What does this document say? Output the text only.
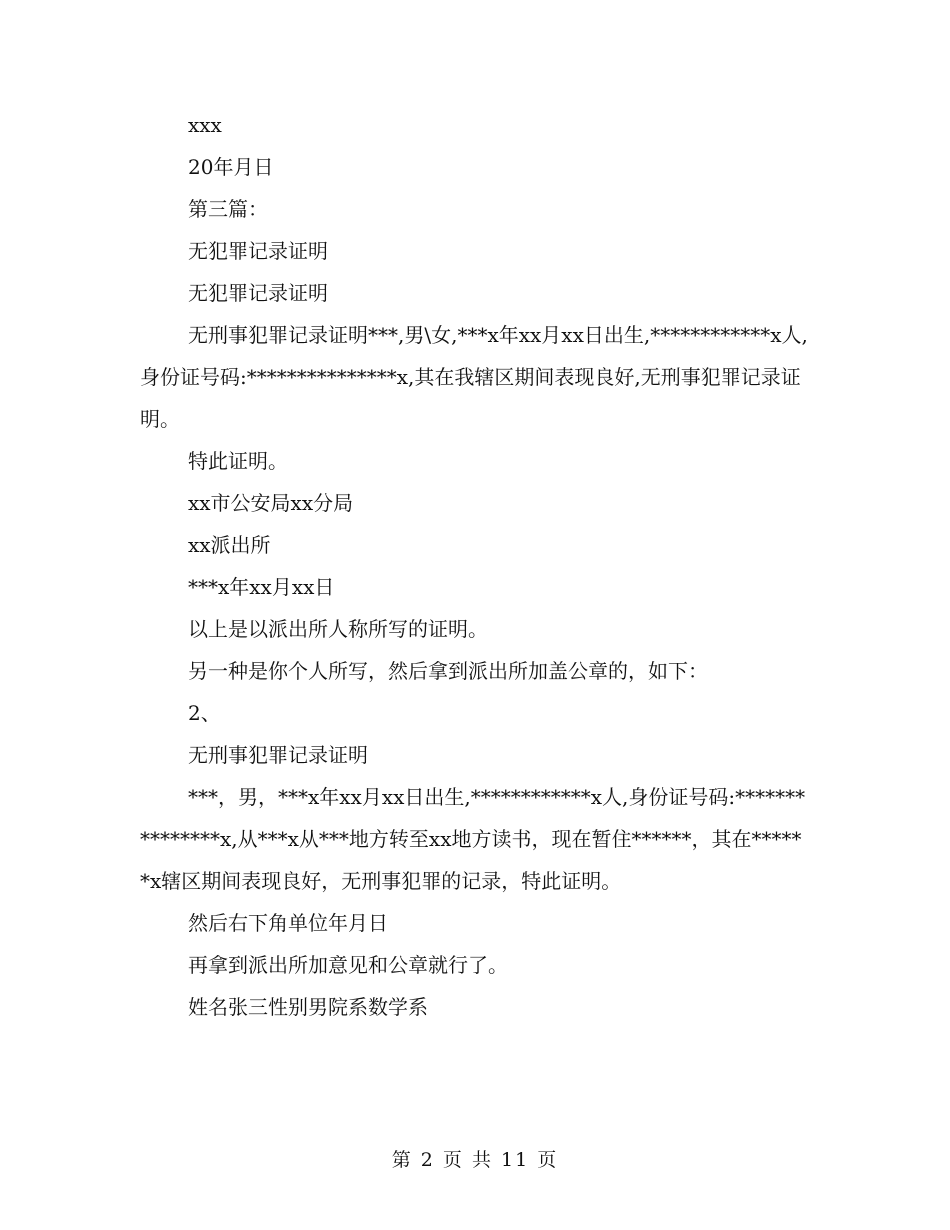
xxx

20年月日

第三篇：

无犯罪记录证明

无犯罪记录证明

无刑事犯罪记录证明***,男\女,***x年xx月xx日出生,************x人,身份证号码:***************x,其在我辖区期间表现良好,无刑事犯罪记录证明。

特此证明。

xx市公安局xx分局

xx派出所

***x年xx月xx日

以上是以派出所人称所写的证明。

另一种是你个人所写，然后拿到派出所加盖公章的，如下：

2、

无刑事犯罪记录证明

***，男，***x年xx月xx日出生,************x人,身份证号码:***************x,从***x从***地方转至xx地方读书，现在暂住******，其在******x辖区期间表现良好，无刑事犯罪的记录，特此证明。

然后右下角单位年月日

再拿到派出所加意见和公章就行了。

姓名张三性别男院系数学系

第 2 页 共 11 页
